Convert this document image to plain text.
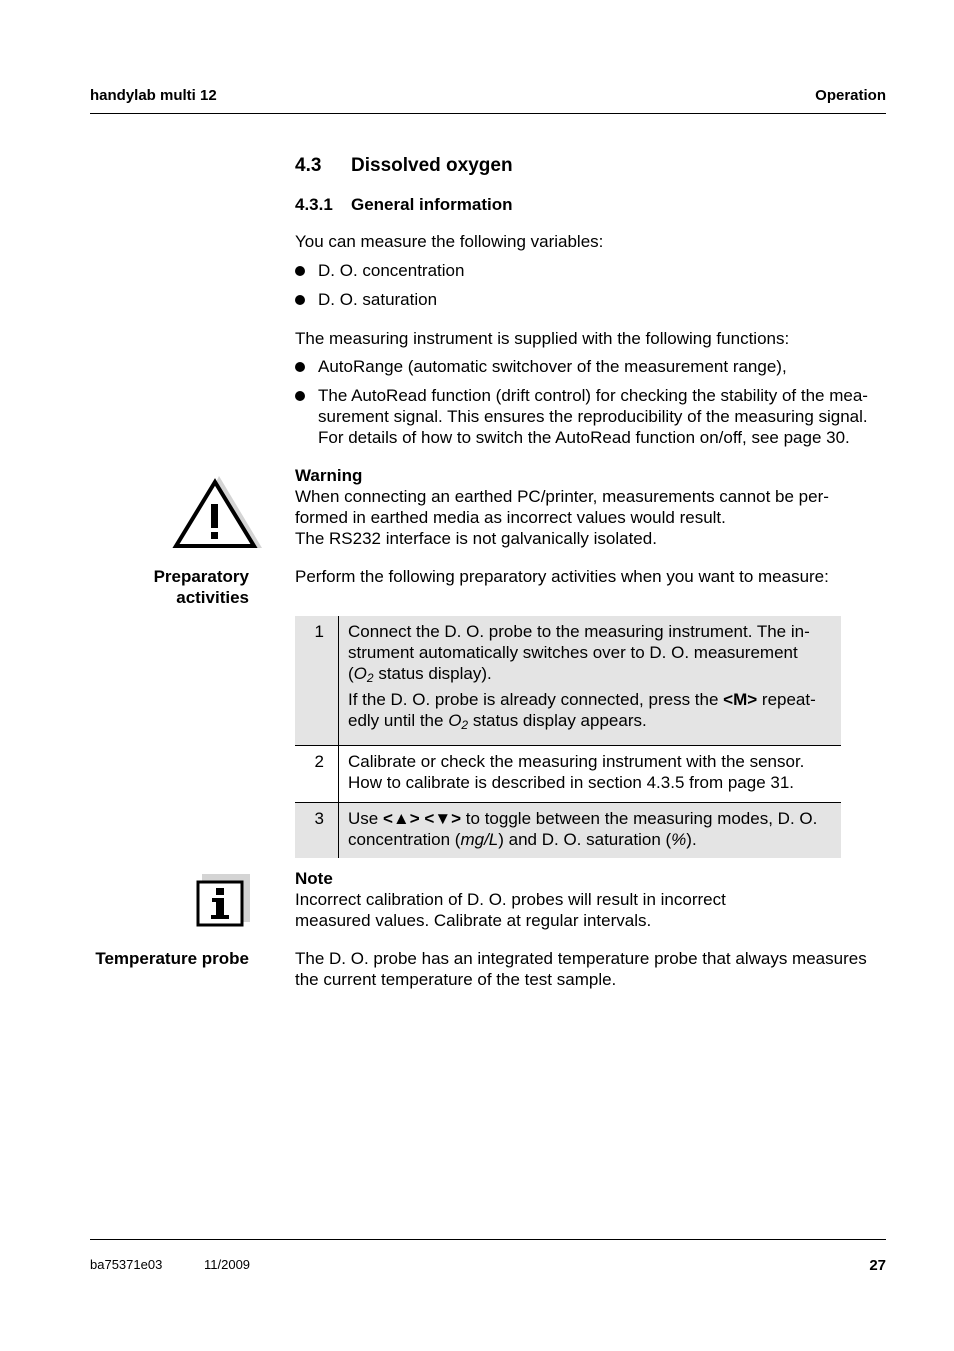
handylab multi 12	Operation
4.3 Dissolved oxygen
4.3.1 General information
You can measure the following variables:
D. O. concentration
D. O. saturation
The measuring instrument is supplied with the following functions:
AutoRange (automatic switchover of the measurement range),
The AutoRead function (drift control) for checking the stability of the mea-
surement signal. This ensures the reproducibility of the measuring signal.
For details of how to switch the AutoRead function on/off, see page 30.
Warning
When connecting an earthed PC/printer, measurements cannot be per-
formed in earthed media as incorrect values would result.
The RS232 interface is not galvanically isolated.
Preparatory
activities
Perform the following preparatory activities when you want to measure:
1	Connect the D. O. probe to the measuring instrument. The in-
strument automatically switches over to D. O. measurement
($O_2$ status display).
If the D. O. probe is already connected, press the <M> repeat-
edly until the $O_2$ status display appears.

2	Calibrate or check the measuring instrument with the sensor.
How to calibrate is described in section 4.3.5 from page 31.

3	Use <▲> <▼> to toggle between the measuring modes, D. O.
concentration (mg/L) and D. O. saturation (%).
Note
Incorrect calibration of D. O. probes will result in incorrect
measured values. Calibrate at regular intervals.
Temperature probe	The D. O. probe has an integrated temperature probe that always measures
the current temperature of the test sample.
ba75371e03	11/2009	27
